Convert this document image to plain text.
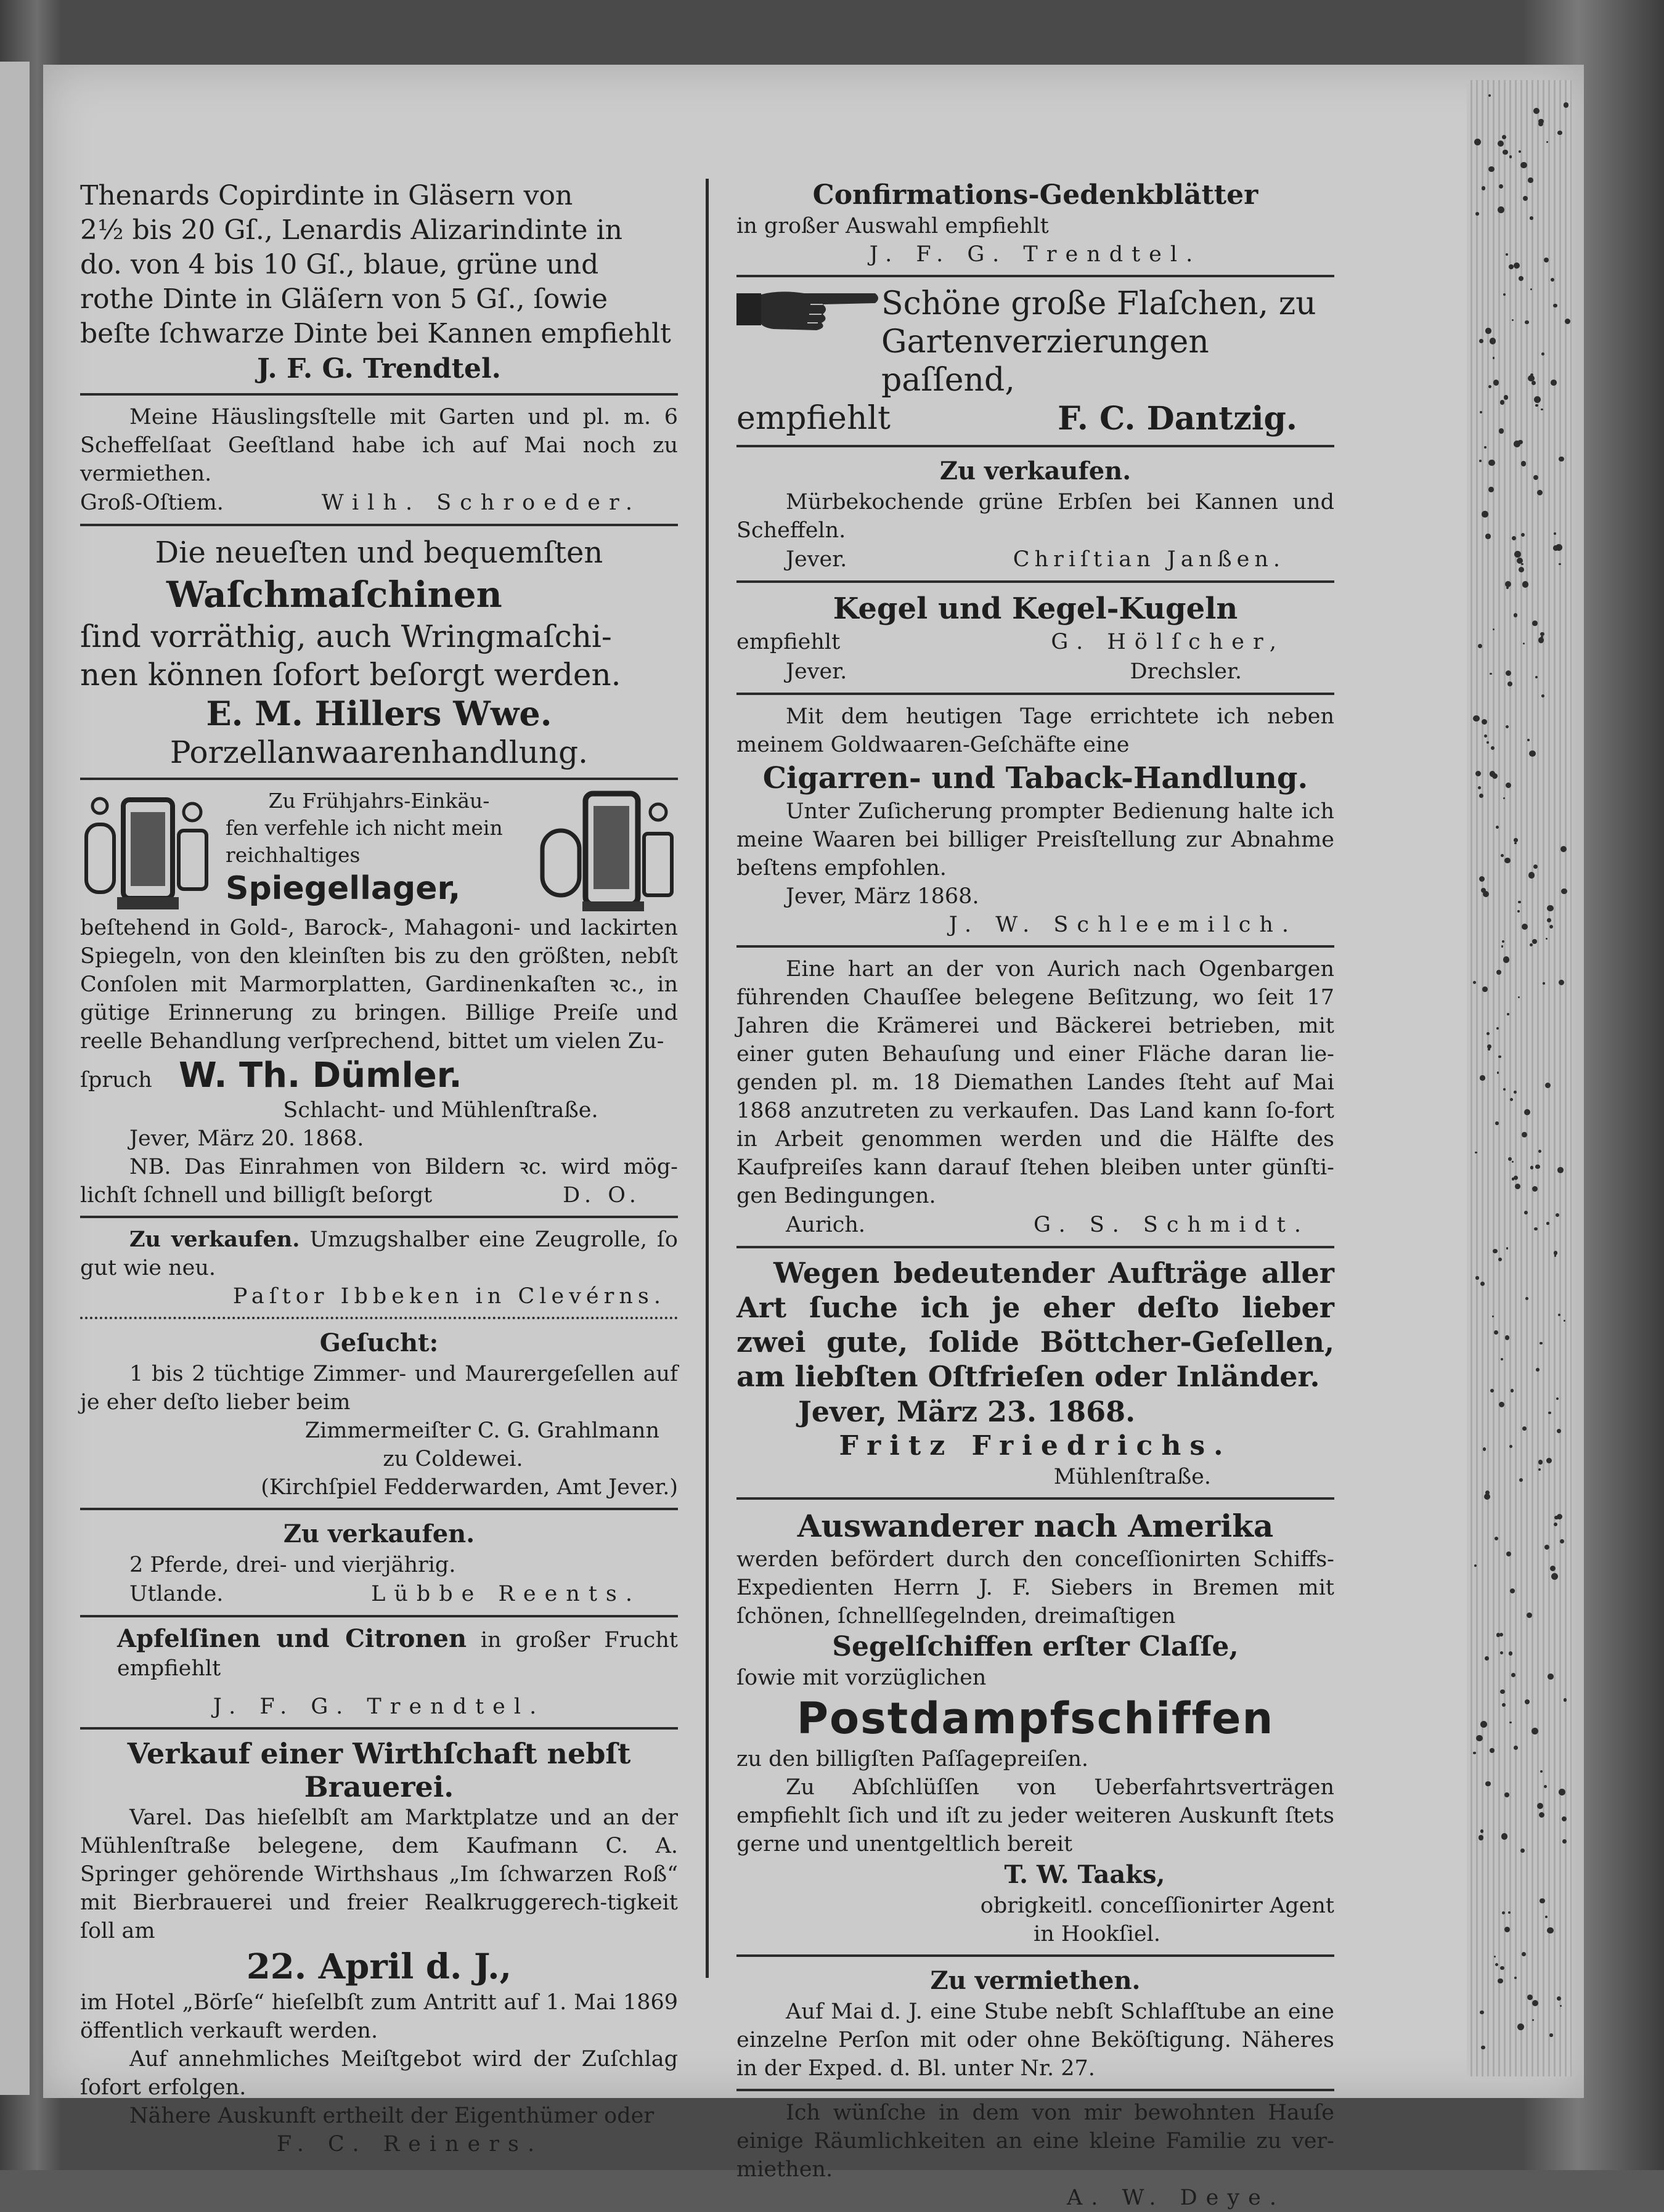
Thenards Copirdinte in Gläsern von
2½ bis 20 Gſ., Lenardis Alizarindinte in
do. von 4 bis 10 Gſ., blaue, grüne und
rothe Dinte in Gläſern von 5 Gſ., ſowie
beſte ſchwarze Dinte bei Kannen empfiehlt
J. F. G. Trendtel.
Meine Häuslingsſtelle mit Garten und pl. m. 6 Scheffelſaat Geeſtland habe ich auf Mai noch zu vermiethen.
Groß-Oſtiem.	Wilh. Schroeder.
Die neueſten und bequemſten
Waſchmaſchinen
ſind vorräthig, auch Wringmaſchi-
nen können ſofort beſorgt werden.
E. M. Hillers Wwe.
Porzellanwaarenhandlung.
Zu Frühjahrs-Einkäu-
fen verfehle ich nicht mein
reichhaltiges
Spiegellager,
beſtehend in Gold-, Barock-, Mahagoni- und lackirten Spiegeln, von den kleinſten bis zu den größten, nebſt Conſolen mit Marmorplatten, Gardinenkaſten ꝛc., in gütige Erinnerung zu bringen. Billige Preiſe und reelle Behandlung verſprechend, bittet um vielen Zu-
ſpruch W. Th. Dümler.
Schlacht- und Mühlenſtraße.
Jever, März 20. 1868.
NB. Das Einrahmen von Bildern ꝛc. wird mög-lichſt ſchnell und billigſt beſorgt	D. O.
Zu verkaufen. Umzugshalber eine Zeugrolle, ſo gut wie neu.
Paſtor Ibbeken in Clevérns.
Geſucht:
1 bis 2 tüchtige Zimmer- und Maurergeſellen auf je eher deſto lieber beim
Zimmermeiſter C. G. Grahlmann
zu Coldewei.
(Kirchſpiel Fedderwarden, Amt Jever.)
Zu verkaufen.
2 Pferde, drei- und vierjährig.
Utlande.	Lübbe Reents.
Apfelſinen und Citronen in großer Frucht empfiehlt
J. F. G. Trendtel.
Verkauf einer Wirthſchaft nebſt
Brauerei.
Varel. Das hieſelbſt am Marktplatze und an der Mühlenſtraße belegene, dem Kaufmann C. A. Springer gehörende Wirthshaus „Im ſchwarzen Roß“ mit Bierbrauerei und freier Realkruggerech-tigkeit ſoll am
22. April d. J.,
im Hotel „Börſe“ hieſelbſt zum Antritt auf 1. Mai 1869 öffentlich verkauft werden.
Auf annehmliches Meiſtgebot wird der Zuſchlag ſofort erfolgen.
Nähere Auskunft ertheilt der Eigenthümer oder
F. C. Reiners.
Confirmations-Gedenkblätter
in großer Auswahl empfiehlt
J. F. G. Trendtel.
Schöne große Flaſchen, zu
Gartenverzierungen paſſend,
empfiehlt	F. C. Dantzig.
Zu verkaufen.
Mürbekochende grüne Erbſen bei Kannen und Scheffeln.
Jever.	Chriſtian Janßen.
Kegel und Kegel-Kugeln
empfiehlt	G. Hölſcher,
Jever.	Drechsler.
Mit dem heutigen Tage errichtete ich neben meinem Goldwaaren-Geſchäfte eine
Cigarren- und Taback-Handlung.
Unter Zuſicherung prompter Bedienung halte ich meine Waaren bei billiger Preisſtellung zur Abnahme beſtens empfohlen.
Jever, März 1868.
J. W. Schleemilch.
Eine hart an der von Aurich nach Ogenbargen führenden Chauſſee belegene Beſitzung, wo ſeit 17 Jahren die Krämerei und Bäckerei betrieben, mit einer guten Behauſung und einer Fläche daran lie-genden pl. m. 18 Diemathen Landes ſteht auf Mai 1868 anzutreten zu verkaufen. Das Land kann ſo-fort in Arbeit genommen werden und die Hälfte des Kaufpreiſes kann darauf ſtehen bleiben unter günſti-gen Bedingungen.
Aurich.	G. S. Schmidt.
Wegen bedeutender Aufträge aller Art ſuche ich je eher deſto lieber zwei gute, ſolide Böttcher-Geſellen, am liebſten Oſtfrieſen oder Inländer.
Jever, März 23. 1868.
Fritz Friedrichs.
Mühlenſtraße.
Auswanderer nach Amerika
werden befördert durch den conceſſionirten Schiffs-Expedienten Herrn J. F. Siebers in Bremen mit ſchönen, ſchnellſegelnden, dreimaſtigen
Segelſchiffen erſter Claſſe,
ſowie mit vorzüglichen
Postdampfschiffen
zu den billigſten Paſſagepreiſen.
Zu Abſchlüſſen von Ueberfahrtsverträgen empfiehlt ſich und iſt zu jeder weiteren Auskunft ſtets gerne und unentgeltlich bereit
T. W. Taaks,
obrigkeitl. conceſſionirter Agent
in Hookſiel.
Zu vermiethen.
Auf Mai d. J. eine Stube nebſt Schlafſtube an eine einzelne Perſon mit oder ohne Beköſtigung. Näheres in der Exped. d. Bl. unter Nr. 27.
Ich wünſche in dem von mir bewohnten Hauſe einige Räumlichkeiten an eine kleine Familie zu ver-miethen.
A. W. Deye.
